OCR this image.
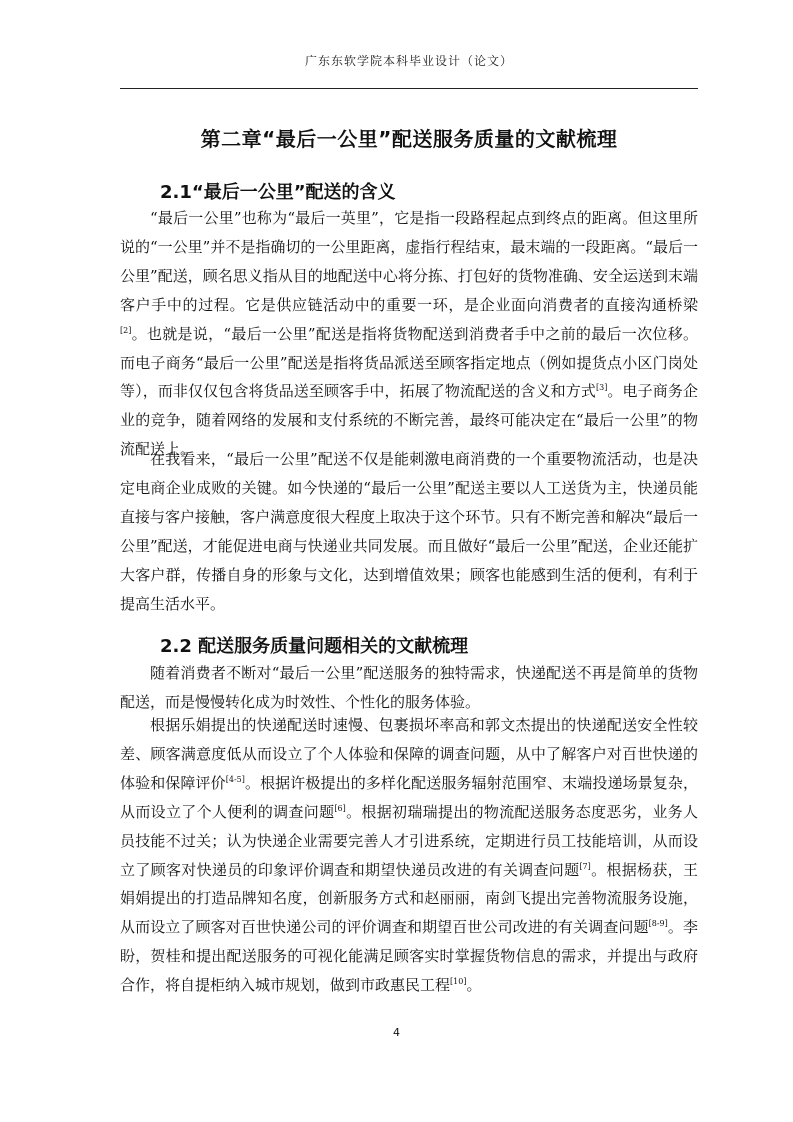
广东东软学院本科毕业设计（论文）
第二章“最后一公里”配送服务质量的文献梳理
2.1“最后一公里”配送的含义

“最后一公里”也称为“最后一英里”，它是指一段路程起点到终点的距离。但这里所说的“一公里”并不是指确切的一公里距离，虚指行程结束，最末端的一段距离。“最后一公里”配送，顾名思义指从目的地配送中心将分拣、打包好的货物准确、安全运送到末端客户手中的过程。它是供应链活动中的重要一环，是企业面向消费者的直接沟通桥梁[2]。也就是说，“最后一公里”配送是指将货物配送到消费者手中之前的最后一次位移。而电子商务“最后一公里”配送是指将货品派送至顾客指定地点（例如提货点小区门岗处等），而非仅仅包含将货品送至顾客手中，拓展了物流配送的含义和方式[3]。电子商务企业的竞争，随着网络的发展和支付系统的不断完善，最终可能决定在“最后一公里”的物流配送上。

在我看来，“最后一公里”配送不仅是能刺激电商消费的一个重要物流活动，也是决定电商企业成败的关键。如今快递的“最后一公里”配送主要以人工送货为主，快递员能直接与客户接触，客户满意度很大程度上取决于这个环节。只有不断完善和解决“最后一公里”配送，才能促进电商与快递业共同发展。而且做好“最后一公里”配送，企业还能扩大客户群，传播自身的形象与文化，达到增值效果；顾客也能感到生活的便利，有利于提高生活水平。

2.2 配送服务质量问题相关的文献梳理

随着消费者不断对“最后一公里”配送服务的独特需求，快递配送不再是简单的货物配送，而是慢慢转化成为时效性、个性化的服务体验。

根据乐娟提出的快递配送时速慢、包裹损坏率高和郭文杰提出的快递配送安全性较差、顾客满意度低从而设立了个人体验和保障的调查问题，从中了解客户对百世快递的体验和保障评价[4-5]。根据许极提出的多样化配送服务辐射范围窄、末端投递场景复杂，从而设立了个人便利的调查问题[6]。根据初瑞瑞提出的物流配送服务态度恶劣，业务人员技能不过关；认为快递企业需要完善人才引进系统，定期进行员工技能培训，从而设立了顾客对快递员的印象评价调查和期望快递员改进的有关调查问题[7]。根据杨获，王娟娟提出的打造品牌知名度，创新服务方式和赵丽丽，南剑飞提出完善物流服务设施，从而设立了顾客对百世快递公司的评价调查和期望百世公司改进的有关调查问题[8-9]。李盼，贺桂和提出配送服务的可视化能满足顾客实时掌握货物信息的需求，并提出与政府合作，将自提柜纳入城市规划，做到市政惠民工程[10]。

4
